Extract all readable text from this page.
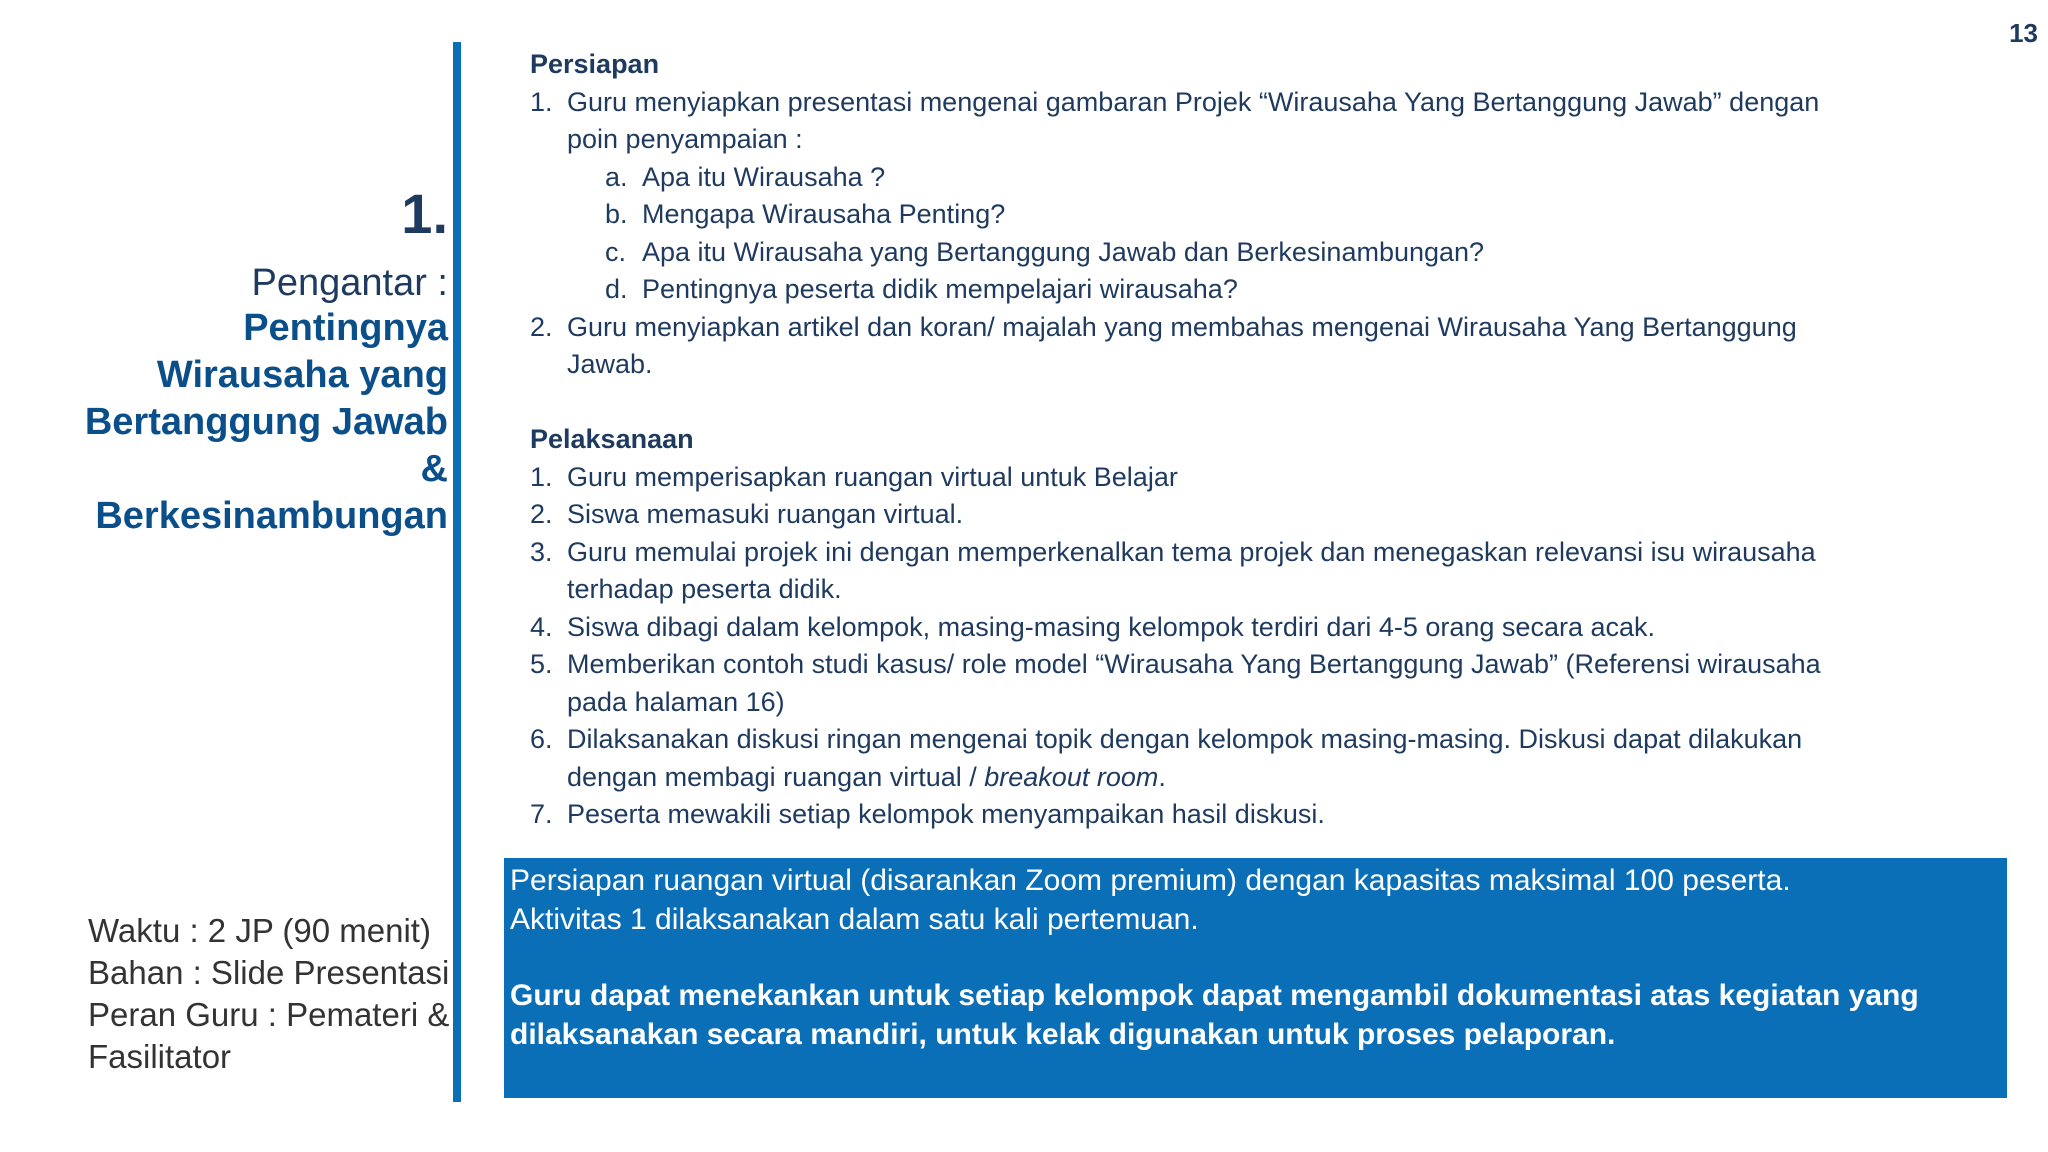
13
1.
Pengantar :
Pentingnya
Wirausaha yang
Bertanggung Jawab
&
Berkesinambungan
Waktu : 2 JP (90 menit)
Bahan : Slide Presentasi
Peran Guru : Pemateri &
Fasilitator
Persiapan
1. Guru menyiapkan presentasi mengenai gambaran Projek “Wirausaha Yang Bertanggung Jawab” dengan poin penyampaian :
a. Apa itu Wirausaha ?
b. Mengapa Wirausaha Penting?
c. Apa itu Wirausaha yang Bertanggung Jawab dan Berkesinambungan?
d. Pentingnya peserta didik mempelajari wirausaha?
2. Guru menyiapkan artikel dan koran/ majalah yang membahas mengenai Wirausaha Yang Bertanggung Jawab.
Pelaksanaan
1. Guru memperisapkan ruangan virtual untuk Belajar
2. Siswa memasuki ruangan virtual.
3. Guru memulai projek ini dengan memperkenalkan tema projek dan menegaskan relevansi isu wirausaha terhadap peserta didik.
4. Siswa dibagi dalam kelompok, masing-masing kelompok terdiri dari 4-5 orang secara acak.
5. Memberikan contoh studi kasus/ role model “Wirausaha Yang Bertanggung Jawab” (Referensi wirausaha pada halaman 16)
6. Dilaksanakan diskusi ringan mengenai topik dengan kelompok masing-masing. Diskusi dapat dilakukan dengan membagi ruangan virtual / breakout room.
7. Peserta mewakili setiap kelompok menyampaikan hasil diskusi.
Persiapan ruangan virtual (disarankan Zoom premium) dengan kapasitas maksimal 100 peserta.
Aktivitas 1 dilaksanakan dalam satu kali pertemuan.
Guru dapat menekankan untuk setiap kelompok dapat mengambil dokumentasi atas kegiatan yang dilaksanakan secara mandiri, untuk kelak digunakan untuk proses pelaporan.
